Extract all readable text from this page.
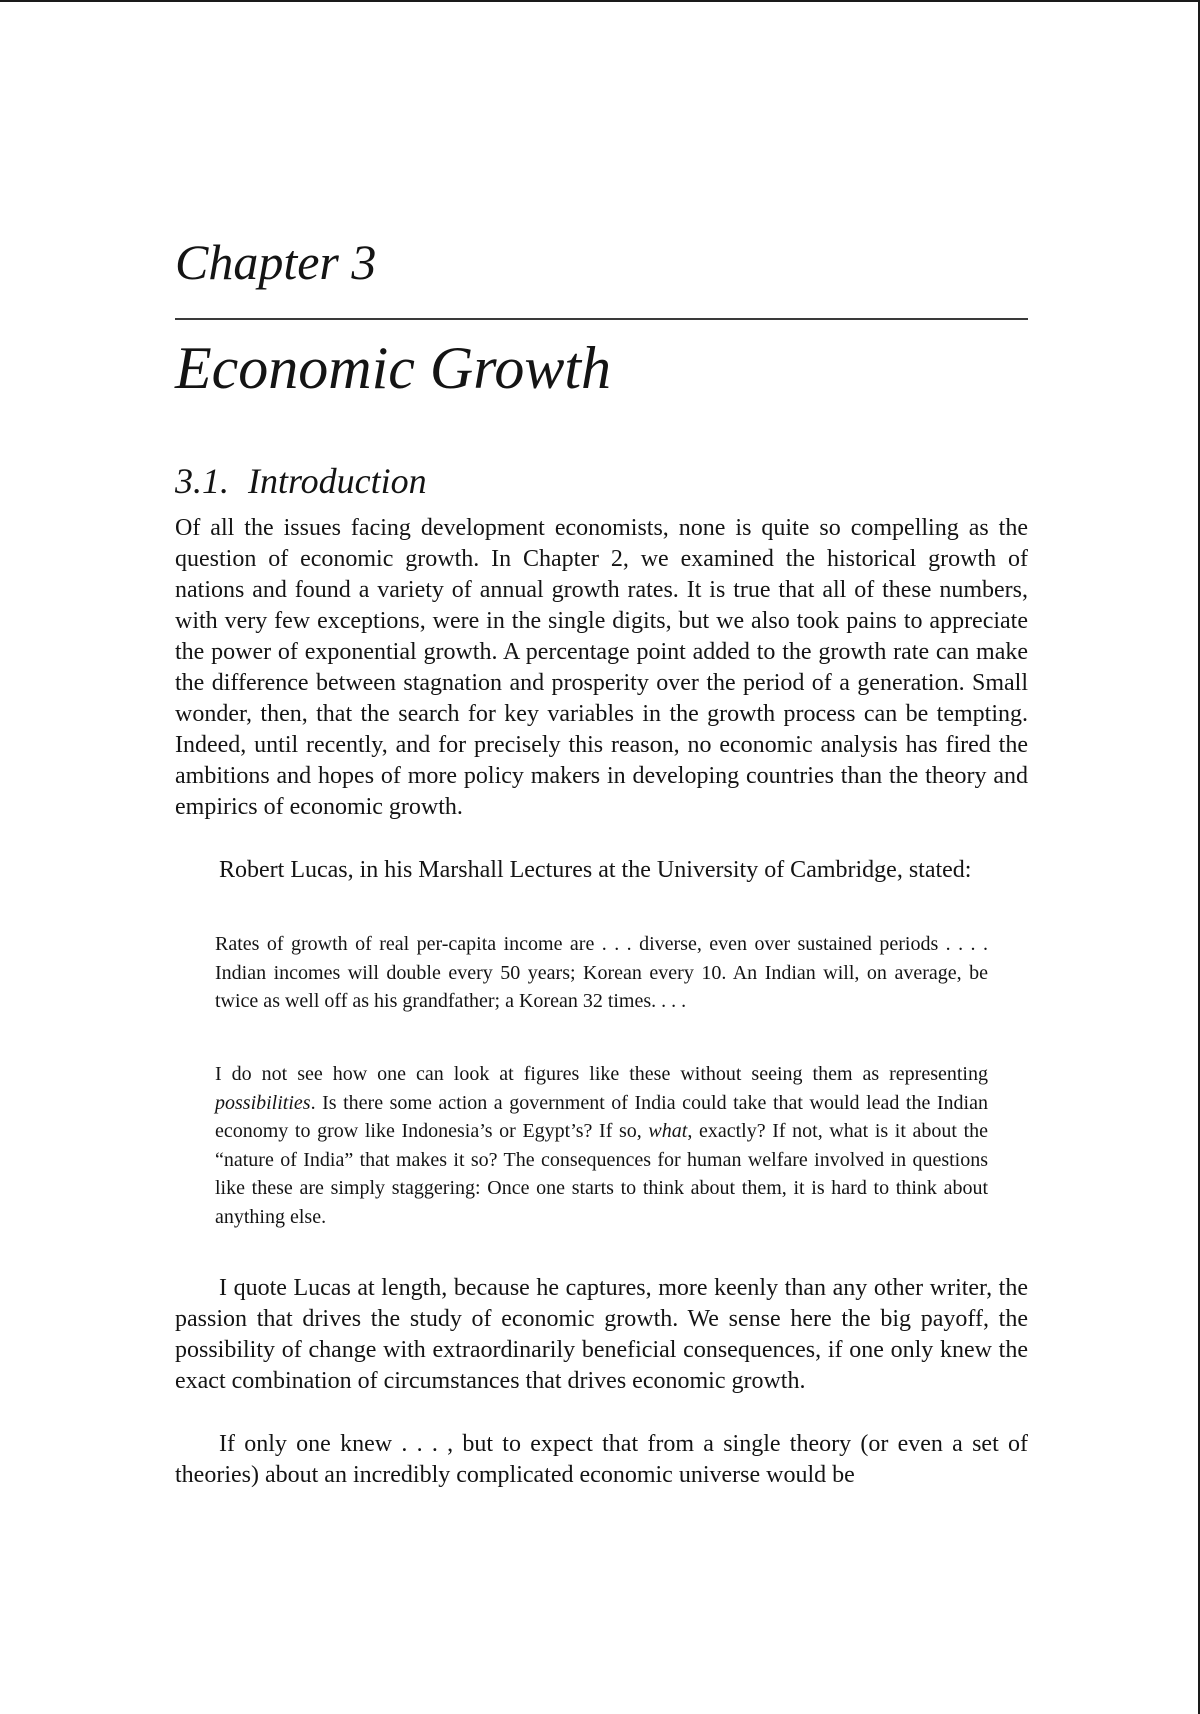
Chapter 3
Economic Growth
3.1. Introduction

Of all the issues facing development economists, none is quite so compelling as the question of economic growth. In Chapter 2, we examined the historical growth of nations and found a variety of annual growth rates. It is true that all of these numbers, with very few exceptions, were in the single digits, but we also took pains to appreciate the power of exponential growth. A percentage point added to the growth rate can make the difference between stagnation and prosperity over the period of a generation. Small wonder, then, that the search for key variables in the growth process can be tempting. Indeed, until recently, and for precisely this reason, no economic analysis has fired the ambitions and hopes of more policy makers in developing countries than the theory and empirics of economic growth.

Robert Lucas, in his Marshall Lectures at the University of Cambridge, stated:

Rates of growth of real per-capita income are . . . diverse, even over sustained periods . . . . Indian incomes will double every 50 years; Korean every 10. An Indian will, on average, be twice as well off as his grandfather; a Korean 32 times. . . .

I do not see how one can look at figures like these without seeing them as representing possibilities. Is there some action a government of India could take that would lead the Indian economy to grow like Indonesia’s or Egypt’s? If so, what, exactly? If not, what is it about the “nature of India” that makes it so? The consequences for human welfare involved in questions like these are simply staggering: Once one starts to think about them, it is hard to think about anything else.

I quote Lucas at length, because he captures, more keenly than any other writer, the passion that drives the study of economic growth. We sense here the big payoff, the possibility of change with extraordinarily beneficial consequences, if one only knew the exact combination of circumstances that drives economic growth.

If only one knew . . . , but to expect that from a single theory (or even a set of theories) about an incredibly complicated economic universe would be
